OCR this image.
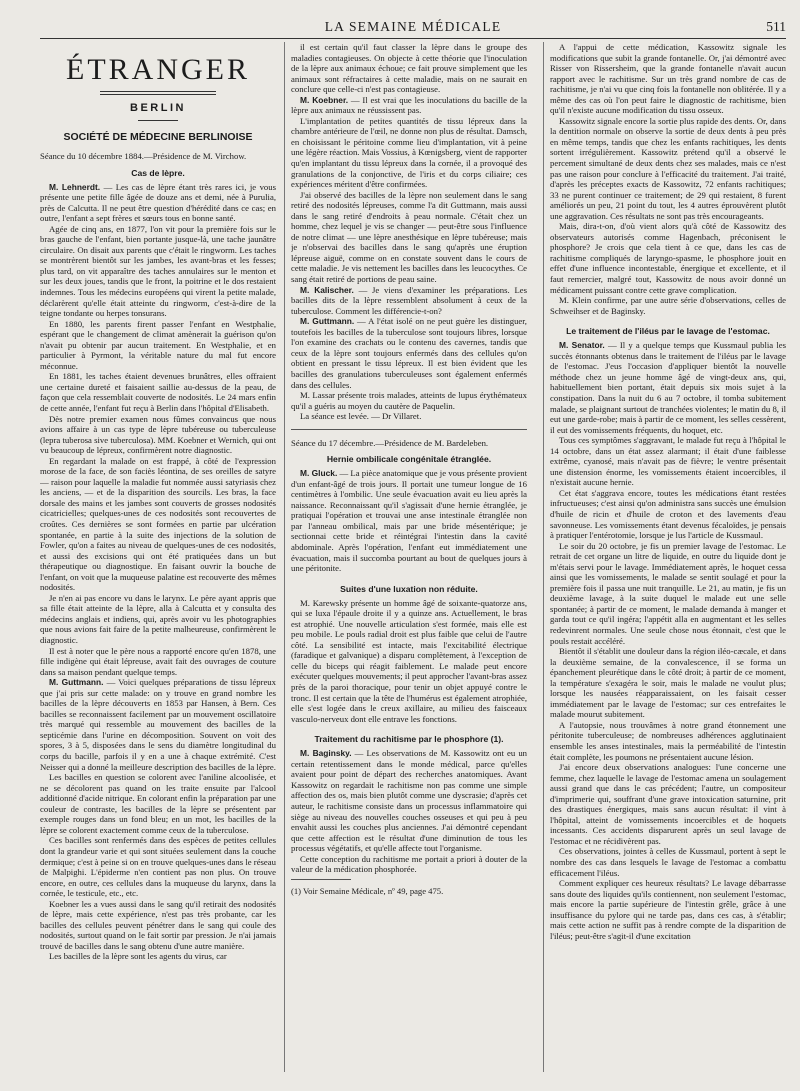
LA SEMAINE MÉDICALE	511
ÉTRANGER
BERLIN
SOCIÉTÉ DE MÉDECINE BERLINOISE

Séance du 10 décembre 1884.—Présidence de M. Virchow.

Cas de lèpre.

M. Lehnerdt. — Les cas de lèpre étant très rares ici, je vous présente une petite fille âgée de douze ans et demi, née à Purulia, près de Calcutta. Il ne peut être question d'hérédité dans ce cas; en outre, l'enfant a sept frères et sœurs tous en bonne santé.

Agée de cinq ans, en 1877, l'on vit pour la première fois sur le bras gauche de l'enfant, bien portante jusque-là, une tache jaunâtre circulaire. On disait aux parents que c'était le ringworm. Les taches se montrèrent bientôt sur les jambes, les avant-bras et les fesses; plus tard, on vit apparaître des taches annulaires sur le menton et sur les deux joues, tandis que le front, la poitrine et le dos restaient indemnes. Tous les médecins européens qui virent la petite malade, déclarèrent qu'elle était atteinte du ringworm, c'est-à-dire de la teigne tondante ou herpes tonsurans.

En 1880, les parents firent passer l'enfant en Westphalie, espérant que le changement de climat amènerait la guérison qu'on n'avait pu obtenir par aucun traitement. En Westphalie, et en particulier à Pyrmont, la véritable nature du mal fut encore méconnue.

En 1881, les taches étaient devenues brunâtres, elles offraient une certaine dureté et faisaient saillie au-dessus de la peau, de façon que cela ressemblait couverte de nodosités. Le 24 mars enfin de cette année, l'enfant fut reçu à Berlin dans l'hôpital d'Elisabeth.

Dès notre premier examen nous fûmes convaincus que nous avions affaire à un cas type de lèpre tubéreuse ou tuberculeuse (lepra tuberosa sive tuberculosa). MM. Koebner et Wernich, qui ont vu beaucoup de lépreux, confirmèrent notre diagnostic.

En regardant la malade on est frappé, à côté de l'expression morose de la face, de son faciès léontina, de ses oreilles de satyre — raison pour laquelle la maladie fut nommée aussi satyriasis chez les anciens, — et de la disparition des sourcils. Les bras, la face dorsale des mains et les jambes sont couverts de grosses nodosités cicatricielles; quelques-unes de ces nodosités sont recouvertes de croûtes. Ces dernières se sont formées en partie par ulcération spontanée, en partie à la suite des injections de la solution de Fowler, qu'on a faites au niveau de quelques-unes de ces nodosités, et aussi des excisions qui ont été pratiquées dans un but thérapeutique ou diagnostique. En faisant ouvrir la bouche de l'enfant, on voit que la muqueuse palatine est recouverte des mêmes nodosités.

Je n'en ai pas encore vu dans le larynx. Le père ayant appris que sa fille était atteinte de la lèpre, alla à Calcutta et y consulta des médecins anglais et indiens, qui, après avoir vu les photographies que nous avions fait faire de la petite malheureuse, confirmèrent le diagnostic.

Il est à noter que le père nous a rapporté encore qu'en 1878, une fille indigène qui était lépreuse, avait fait des ouvrages de couture dans sa maison pendant quelque temps.

M. Guttmann. — Voici quelques préparations de tissu lépreux que j'ai pris sur cette malade: on y trouve en grand nombre les bacilles de la lèpre découverts en 1853 par Hansen, à Bern. Ces bacilles se reconnaissent facilement par un mouvement oscillatoire très marqué qui ressemble au mouvement des bacilles de la septicémie dans l'urine en décomposition. Souvent on voit des spores, 3 à 5, disposées dans le sens du diamètre longitudinal du corps du bacille, parfois il y en a une à chaque extrémité. C'est Neisser qui a donné la meilleure description des bacilles de la lèpre.

Les bacilles en question se colorent avec l'aniline alcoolisée, et ne se décolorent pas quand on les traite ensuite par l'alcool additionné d'acide nitrique. En colorant enfin la préparation par une couleur de contraste, les bacilles de la lèpre se présentent par exemple rouges dans un fond bleu; en un mot, les bacilles de la lèpre se colorent exactement comme ceux de la tuberculose.

Ces bacilles sont renfermés dans des espèces de petites cellules dont la grandeur varie et qui sont situées seulement dans la couche dermique; c'est à peine si on en trouve quelques-unes dans le réseau de Malpighi. L'épiderme n'en contient pas non plus. On trouve encore, en outre, ces cellules dans la muqueuse du larynx, dans la cornée, le testicule, etc., etc.

Koebner les a vues aussi dans le sang qu'il retirait des nodosités de lèpre, mais cette expérience, n'est pas très probante, car les bacilles des cellules peuvent pénétrer dans le sang qui coule des nodosités, surtout quand on le fait sortir par pression. Je n'ai jamais trouvé de bacilles dans le sang obtenu d'une autre manière.

Les bacilles de la lèpre sont les agents du virus, car

il est certain qu'il faut classer la lèpre dans le groupe des maladies contagieuses. On objecte à cette théorie que l'inoculation de la lèpre aux animaux échoue; ce fait prouve simplement que les animaux sont réfractaires à cette maladie, mais on ne saurait en conclure que celle-ci n'est pas contagieuse.

M. Koebner. — Il est vrai que les inoculations du bacille de la lèpre aux animaux ne réussissent pas.

L'implantation de petites quantités de tissu lépreux dans la chambre antérieure de l'œil, ne donne non plus de résultat. Damsch, en choisissant le péritoine comme lieu d'implantation, vit à peine une légère réaction. Mais Vossius, à Kœnigsberg, vient de rapporter qu'en implantant du tissu lépreux dans la cornée, il a provoqué des granulations de la conjonctive, de l'iris et du corps ciliaire; ces expériences méritent d'être confirmées.

J'ai observé des bacilles de la lèpre non seulement dans le sang retiré des nodosités lépreuses, comme l'a dit Guttmann, mais aussi dans le sang retiré d'endroits à peau normale. C'était chez un homme, chez lequel je vis se changer — peut-être sous l'influence de notre climat — une lèpre anesthésique en lèpre tubéreuse; mais je n'observai des bacilles dans le sang qu'après une éruption lépreuse aiguë, comme on en constate souvent dans le cours de cette maladie. Je vis nettement les bacilles dans les leucocythes. Ce sang était retiré de portions de peau saine.

M. Kalischer. — Je viens d'examiner les préparations. Les bacilles dits de la lèpre ressemblent absolument à ceux de la tuberculose. Comment les différencie-t-on?

M. Guttmann. — A l'état isolé on ne peut guère les distinguer, toutefois les bacilles de la tuberculose sont toujours libres, lorsque l'on examine des crachats ou le contenu des cavernes, tandis que ceux de la lèpre sont toujours enfermés dans des cellules qu'on obtient en pressant le tissu lépreux. Il est bien évident que les bacilles des granulations tuberculeuses sont également enfermés dans des cellules.

M. Lassar présente trois malades, atteints de lupus érythémateux qu'il a guéris au moyen du cautère de Paquelin.

La séance est levée. — Dr Villaret.

Séance du 17 décembre.—Présidence de M. Bardeleben.

Hernie ombilicale congénitale étranglée.

M. Gluck. — La pièce anatomique que je vous présente provient d'un enfant-âgé de trois jours. Il portait une tumeur longue de 16 centimètres à l'ombilic. Une seule évacuation avait eu lieu après la naissance. Reconnaissant qu'il s'agissait d'une hernie étranglée, je pratiquai l'opération et trouvai une anse intestinale étranglée non par l'anneau ombilical, mais par une bride mésentérique; je sectionnai cette bride et réintégrai l'intestin dans la cavité abdominale. Après l'opération, l'enfant eut immédiatement une évacuation, mais il succomba pourtant au bout de quelques jours à une péritonite.

Suites d'une luxation non réduite.

M. Karewsky présente un homme âgé de soixante-quatorze ans, qui se luxa l'épaule droite il y a quinze ans. Actuellement, le bras est atrophié. Une nouvelle articulation s'est formée, mais elle est peu mobile. Le pouls radial droit est plus faible que celui de l'autre côté. La sensibilité est intacte, mais l'excitabilité électrique (faradique et galvanique) a disparu complètement, à l'exception de celle du biceps qui réagit faiblement. Le malade peut encore exécuter quelques mouvements; il peut approcher l'avant-bras assez près de la paroi thoracique, pour tenir un objet appuyé contre le tronc. Il est certain que la tête de l'humérus est également atrophiée, elle s'est logée dans le creux axillaire, au milieu des faisceaux vasculo-nerveux dont elle entrave les fonctions.

Traitement du rachitisme par le phosphore (1).

M. Baginsky. — Les observations de M. Kassowitz ont eu un certain retentissement dans le monde médical, parce qu'elles avaient pour point de départ des recherches anatomiques. Avant Kassowitz on regardait le rachitisme non pas comme une simple affection des os, mais bien plutôt comme une dyscrasie; d'après cet auteur, le rachitisme consiste dans un processus inflammatoire qui siège au niveau des nouvelles couches osseuses et qui peu à peu envahit aussi les couches plus anciennes. J'ai démontré cependant que cette affection est le résultat d'une diminution de tous les processus végétatifs, et qu'elle affecte tout l'organisme.

Cette conception du rachitisme me portait a priori à douter de la valeur de la médication phosphorée.

(1) Voir Semaine Médicale, nº 49, page 475.

A l'appui de cette médication, Kassowitz signale les modifications que subit la grande fontanelle. Or, j'ai démontré avec Risser von Rissersheim, que la grande fontanelle n'avait aucun rapport avec le rachitisme. Sur un très grand nombre de cas de rachitisme, je n'ai vu que cinq fois la fontanelle non oblitérée. Il y a même des cas où l'on peut faire le diagnostic de rachitisme, bien qu'il n'existe aucune modification du tissu osseux.

Kassowitz signale encore la sortie plus rapide des dents. Or, dans la dentition normale on observe la sortie de deux dents à peu près en même temps, tandis que chez les enfants rachitiques, les dents sortent irrégulièrement. Kassowitz prétend qu'il a observé le percement simultané de deux dents chez ses malades, mais ce n'est pas une raison pour conclure à l'efficacité du traitement. J'ai traité, d'après les préceptes exacts de Kassowitz, 72 enfants rachitiques; 33 ne purent continuer ce traitement; de 29 qui restaient, 8 furent améliorés un peu, 21 point du tout, les 4 autres éprouvèrent plutôt une aggravation. Ces résultats ne sont pas très encourageants.

Mais, dira-t-on, d'où vient alors qu'à côté de Kassowitz des observateurs autorisés comme Hagenbach, préconisent le phosphore? Je crois que cela tient à ce que, dans les cas de rachitisme compliqués de laryngo-spasme, le phosphore jouit en effet d'une influence incontestable, énergique et excellente, et il faut remercier, malgré tout, Kassowitz de nous avoir donné un médicament puissant contre cette grave complication.

M. Klein confirme, par une autre série d'observations, celles de Schweihser et de Baginsky.

Le traitement de l'iléus par le lavage de l'estomac.

M. Senator. — Il y a quelque temps que Kussmaul publia les succès étonnants obtenus dans le traitement de l'iléus par le lavage de l'estomac. J'eus l'occasion d'appliquer bientôt la nouvelle méthode chez un jeune homme âgé de vingt-deux ans, qui, habituellement bien portant, était depuis six mois sujet à la constipation. Dans la nuit du 6 au 7 octobre, il tomba subitement malade, se plaignant surtout de tranchées violentes; le matin du 8, il eut une garde-robe; mais à partir de ce moment, les selles cessèrent, il eut des vomissements fréquents, du hoquet, etc.

Tous ces symptômes s'aggravant, le malade fut reçu à l'hôpital le 14 octobre, dans un état assez alarmant; il était d'une faiblesse extrême, cyanosé, mais n'avait pas de fièvre; le ventre présentait une distension énorme, les vomissements étaient incoercibles, il n'existait aucune hernie.

Cet état s'aggrava encore, toutes les médications étant restées infructueuses; c'est ainsi qu'on administra sans succès une émulsion d'huile de ricin et d'huile de croton et des lavements d'eau savonneuse. Les vomissements étant devenus fécaloïdes, je pensais à pratiquer l'entérotomie, lorsque je lus l'article de Kussmaul.

Le soir du 20 octobre, je fis un premier lavage de l'estomac. Le retrait de cet organe un litre de liquide, en outre du liquide dont je m'étais servi pour le lavage. Immédiatement après, le hoquet cessa ainsi que les vomissements, le malade se sentit soulagé et pour la première fois il passa une nuit tranquille. Le 21, au matin, je fis un deuxième lavage, à la suite duquel le malade eut une selle spontanée; à partir de ce moment, le malade demanda à manger et garda tout ce qu'il ingéra; l'appétit alla en augmentant et les selles redevinrent normales. Une seule chose nous étonnait, c'est que le pouls restait accéléré.

Bientôt il s'établit une douleur dans la région iléo-cæcale, et dans la deuxième semaine, de la convalescence, il se forma un épanchement pleurétique dans le côté droit; à partir de ce moment, la température s'exagéra le soir, mais le malade ne voulut plus; lorsque les nausées réapparaissaient, on les faisait cesser immédiatement par le lavage de l'estomac; sur ces entrefaites le malade mourut subitement.

A l'autopsie, nous trouvâmes à notre grand étonnement une péritonite tuberculeuse; de nombreuses adhérences agglutinaient ensemble les anses intestinales, mais la perméabilité de l'intestin était complète, les poumons ne présentaient aucune lésion.

J'ai encore deux observations analogues: l'une concerne une femme, chez laquelle le lavage de l'estomac amena un soulagement aussi grand que dans le cas précédent; l'autre, un compositeur d'imprimerie qui, souffrant d'une grave intoxication saturnine, prit des drastiques énergiques, mais sans aucun résultat: il vint à l'hôpital, atteint de vomissements incoercibles et de hoquets incessants. Ces accidents disparurent après un seul lavage de l'estomac et ne récidivèrent pas.

Ces observations, jointes à celles de Kussmaul, portent à sept le nombre des cas dans lesquels le lavage de l'estomac a combattu efficacement l'iléus.

Comment expliquer ces heureux résultats? Le lavage débarrasse sans doute des liquides qu'ils contiennent, non seulement l'estomac, mais encore la partie supérieure de l'intestin grêle, grâce à une insuffisance du pylore qui ne tarde pas, dans ces cas, à s'établir; mais cette action ne suffit pas à rendre compte de la disparition de l'iléus; peut-être s'agit-il d'une excitation
